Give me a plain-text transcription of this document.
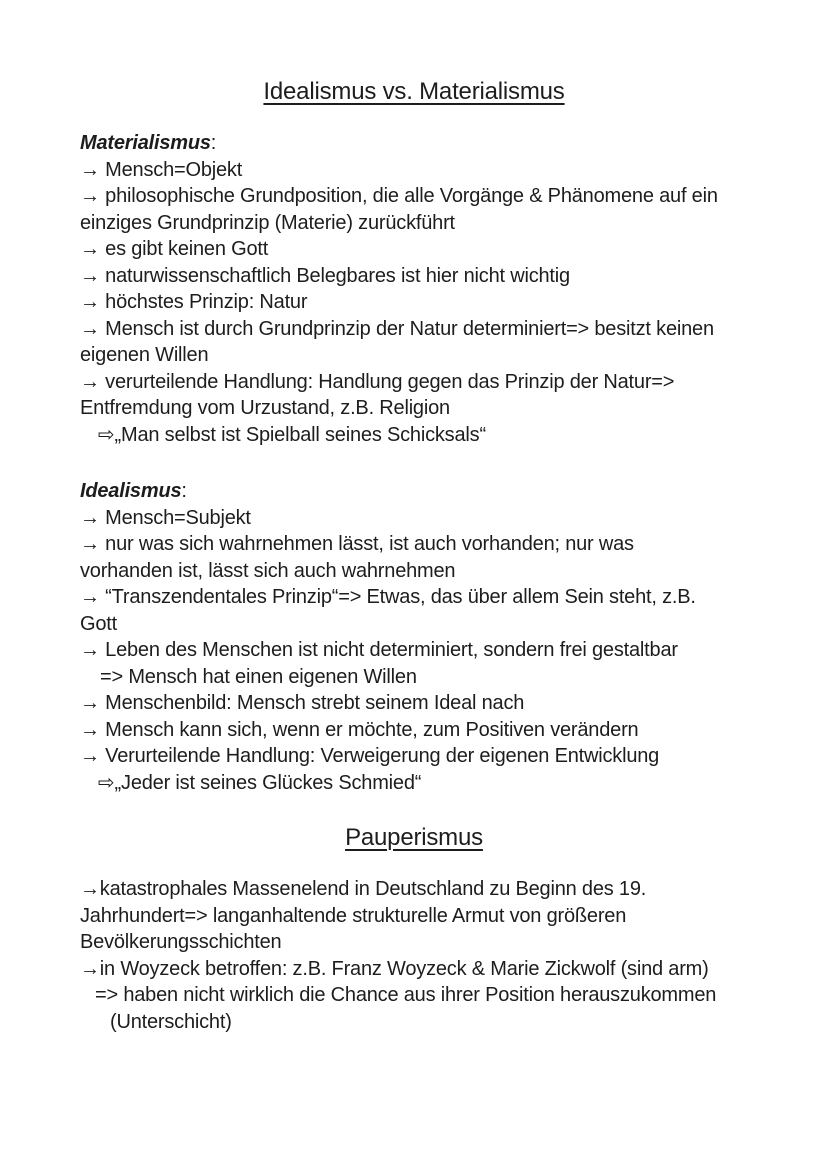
Idealismus vs. Materialismus
Materialismus:
→ Mensch=Objekt
→ philosophische Grundposition, die alle Vorgänge & Phänomene auf ein
einziges Grundprinzip (Materie) zurückführt
→ es gibt keinen Gott
→ naturwissenschaftlich Belegbares ist hier nicht wichtig
→ höchstes Prinzip: Natur
→ Mensch ist durch Grundprinzip der Natur determiniert=> besitzt keinen
eigenen Willen
→ verurteilende Handlung: Handlung gegen das Prinzip der Natur=>
Entfremdung vom Urzustand, z.B. Religion
⇨„Man selbst ist Spielball seines Schicksals“
Idealismus:
→ Mensch=Subjekt
→ nur was sich wahrnehmen lässt, ist auch vorhanden; nur was
vorhanden ist, lässt sich auch wahrnehmen
→ “Transzendentales Prinzip“=> Etwas, das über allem Sein steht, z.B.
Gott
→ Leben des Menschen ist nicht determiniert, sondern frei gestaltbar
=> Mensch hat einen eigenen Willen
→ Menschenbild: Mensch strebt seinem Ideal nach
→ Mensch kann sich, wenn er möchte, zum Positiven verändern
→ Verurteilende Handlung: Verweigerung der eigenen Entwicklung
⇨„Jeder ist seines Glückes Schmied“
Pauperismus
→katastrophales Massenelend in Deutschland zu Beginn des 19.
Jahrhundert=> langanhaltende strukturelle Armut von größeren
Bevölkerungsschichten
→in Woyzeck betroffen: z.B. Franz Woyzeck & Marie Zickwolf (sind arm)
=> haben nicht wirklich die Chance aus ihrer Position herauszukommen
(Unterschicht)
